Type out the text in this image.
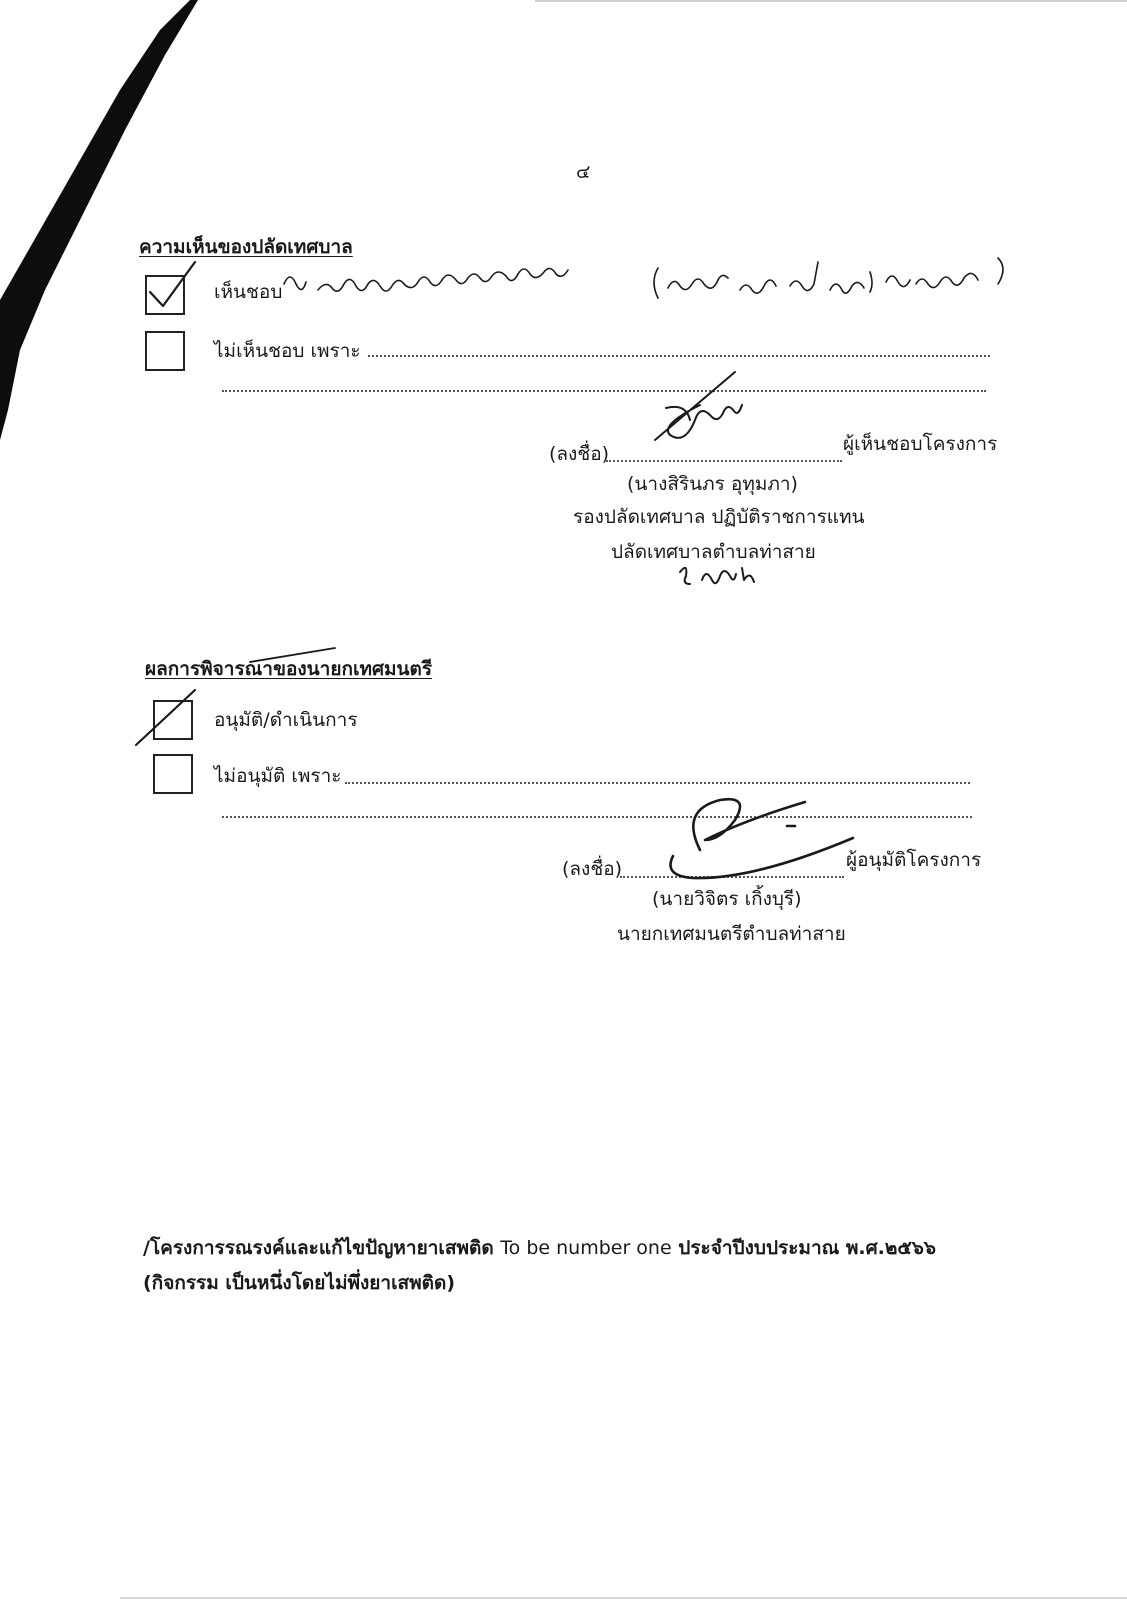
๔
ความเห็นของปลัดเทศบาล
เห็นชอบ
ไม่เห็นชอบ เพราะ
(ลงชื่อ)	ผู้เห็นชอบโครงการ
(นางสิรินภร อุทุมภา)
รองปลัดเทศบาล ปฏิบัติราชการแทน
ปลัดเทศบาลตำบลท่าสาย
ผลการพิจารณาของนายกเทศมนตรี
อนุมัติ/ดำเนินการ
ไม่อนุมัติ เพราะ
(ลงชื่อ)	ผู้อนุมัติโครงการ
(นายวิจิตร เกิ้งบุรี)
นายกเทศมนตรีตำบลท่าสาย
/โครงการรณรงค์และแก้ไขปัญหายาเสพติด To be number one ประจำปีงบประมาณ พ.ศ.๒๕๖๖
(กิจกรรม เป็นหนึ่งโดยไม่พึ่งยาเสพติด)
